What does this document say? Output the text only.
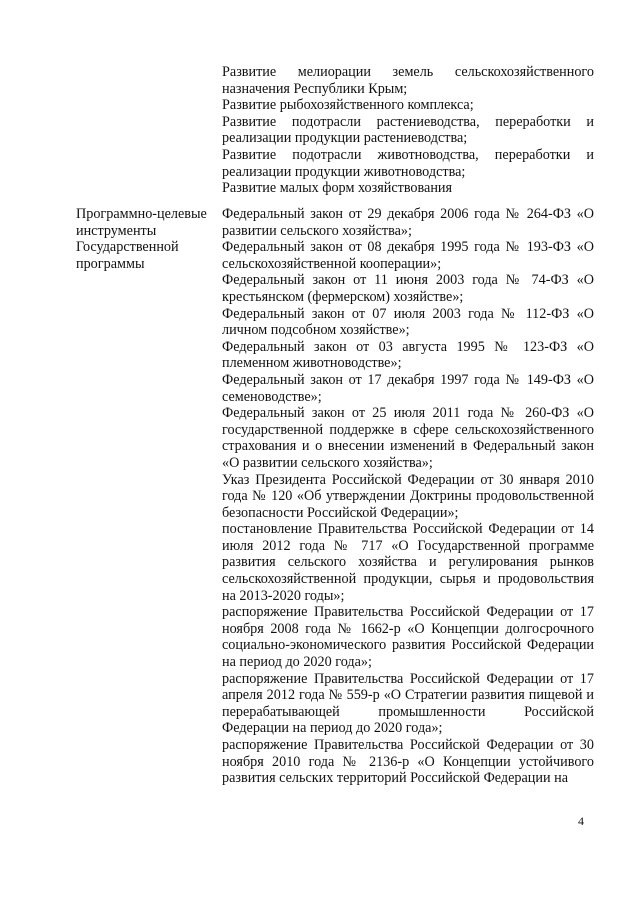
Развитие мелиорации земель сельскохозяйственного назначения Республики Крым;

Развитие рыбохозяйственного комплекса;

Развитие подотрасли растениеводства, переработки и реализации продукции растениеводства;

Развитие подотрасли животноводства, переработки и реализации продукции животноводства;

Развитие малых форм хозяйствования

Программно-целевые
инструменты
Государственной
программы

Федеральный закон от 29 декабря 2006 года № 264-ФЗ «О развитии сельского хозяйства»;

Федеральный закон от 08 декабря 1995 года № 193-ФЗ «О сельскохозяйственной кооперации»;

Федеральный закон от 11 июня 2003 года № 74-ФЗ «О крестьянском (фермерском) хозяйстве»;

Федеральный закон от 07 июля 2003 года № 112-ФЗ «О личном подсобном хозяйстве»;

Федеральный закон от 03 августа 1995 № 123-ФЗ «О племенном животноводстве»;

Федеральный закон от 17 декабря 1997 года № 149-ФЗ «О семеноводстве»;

Федеральный закон от 25 июля 2011 года № 260-ФЗ «О государственной поддержке в сфере сельскохозяйственного страхования и о внесении изменений в Федеральный закон «О развитии сельского хозяйства»;

Указ Президента Российской Федерации от 30 января 2010 года № 120 «Об утверждении Доктрины продовольственной безопасности Российской Федерации»;

постановление Правительства Российской Федерации от 14 июля 2012 года № 717 «О Государственной программе развития сельского хозяйства и регулирования рынков сельскохозяйственной продукции, сырья и продовольствия на 2013-2020 годы»;

распоряжение Правительства Российской Федерации от 17 ноября 2008 года № 1662-р «О Концепции долгосрочного социально-экономического развития Российской Федерации на период до 2020 года»;

распоряжение Правительства Российской Федерации от 17 апреля 2012 года № 559-р «О Стратегии развития пищевой и перерабатывающей промышленности Российской Федерации на период до 2020 года»;

распоряжение Правительства Российской Федерации от 30 ноября 2010 года № 2136-р «О Концепции устойчивого развития сельских территорий Российской Федерации на

4
